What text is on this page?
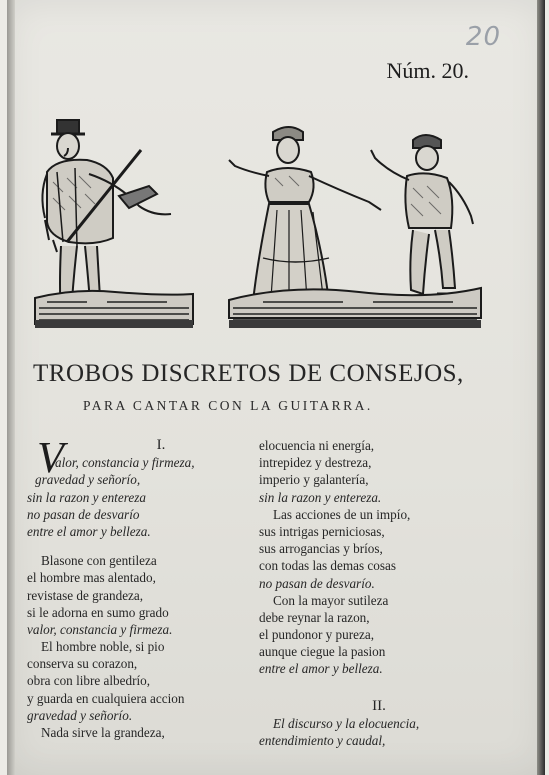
20
Núm. 20.
TROBOS DISCRETOS DE CONSEJOS,
PARA CANTAR CON LA GUITARRA.
V	I.
alor, constancia y firmeza,
gravedad y señorío,
sin la razon y entereza
no pasan de desvarío
entre el amor y belleza.
Blasone con gentileza
el hombre mas alentado,
revistase de grandeza,
si le adorna en sumo grado
valor, constancia y firmeza.
El hombre noble, si pio
conserva su corazon,
obra con libre albedrío,
y guarda en cualquiera accion
gravedad y señorío.
Nada sirve la grandeza,
elocuencia ni energía,
intrepidez y destreza,
imperio y galantería,
sin la razon y entereza.
Las acciones de un impío,
sus intrigas perniciosas,
sus arrogancias y bríos,
con todas las demas cosas
no pasan de desvarío.
Con la mayor sutileza
debe reynar la razon,
el pundonor y pureza,
aunque ciegue la pasion
entre el amor y belleza.
II.
El discurso y la elocuencia,
entendimiento y caudal,
